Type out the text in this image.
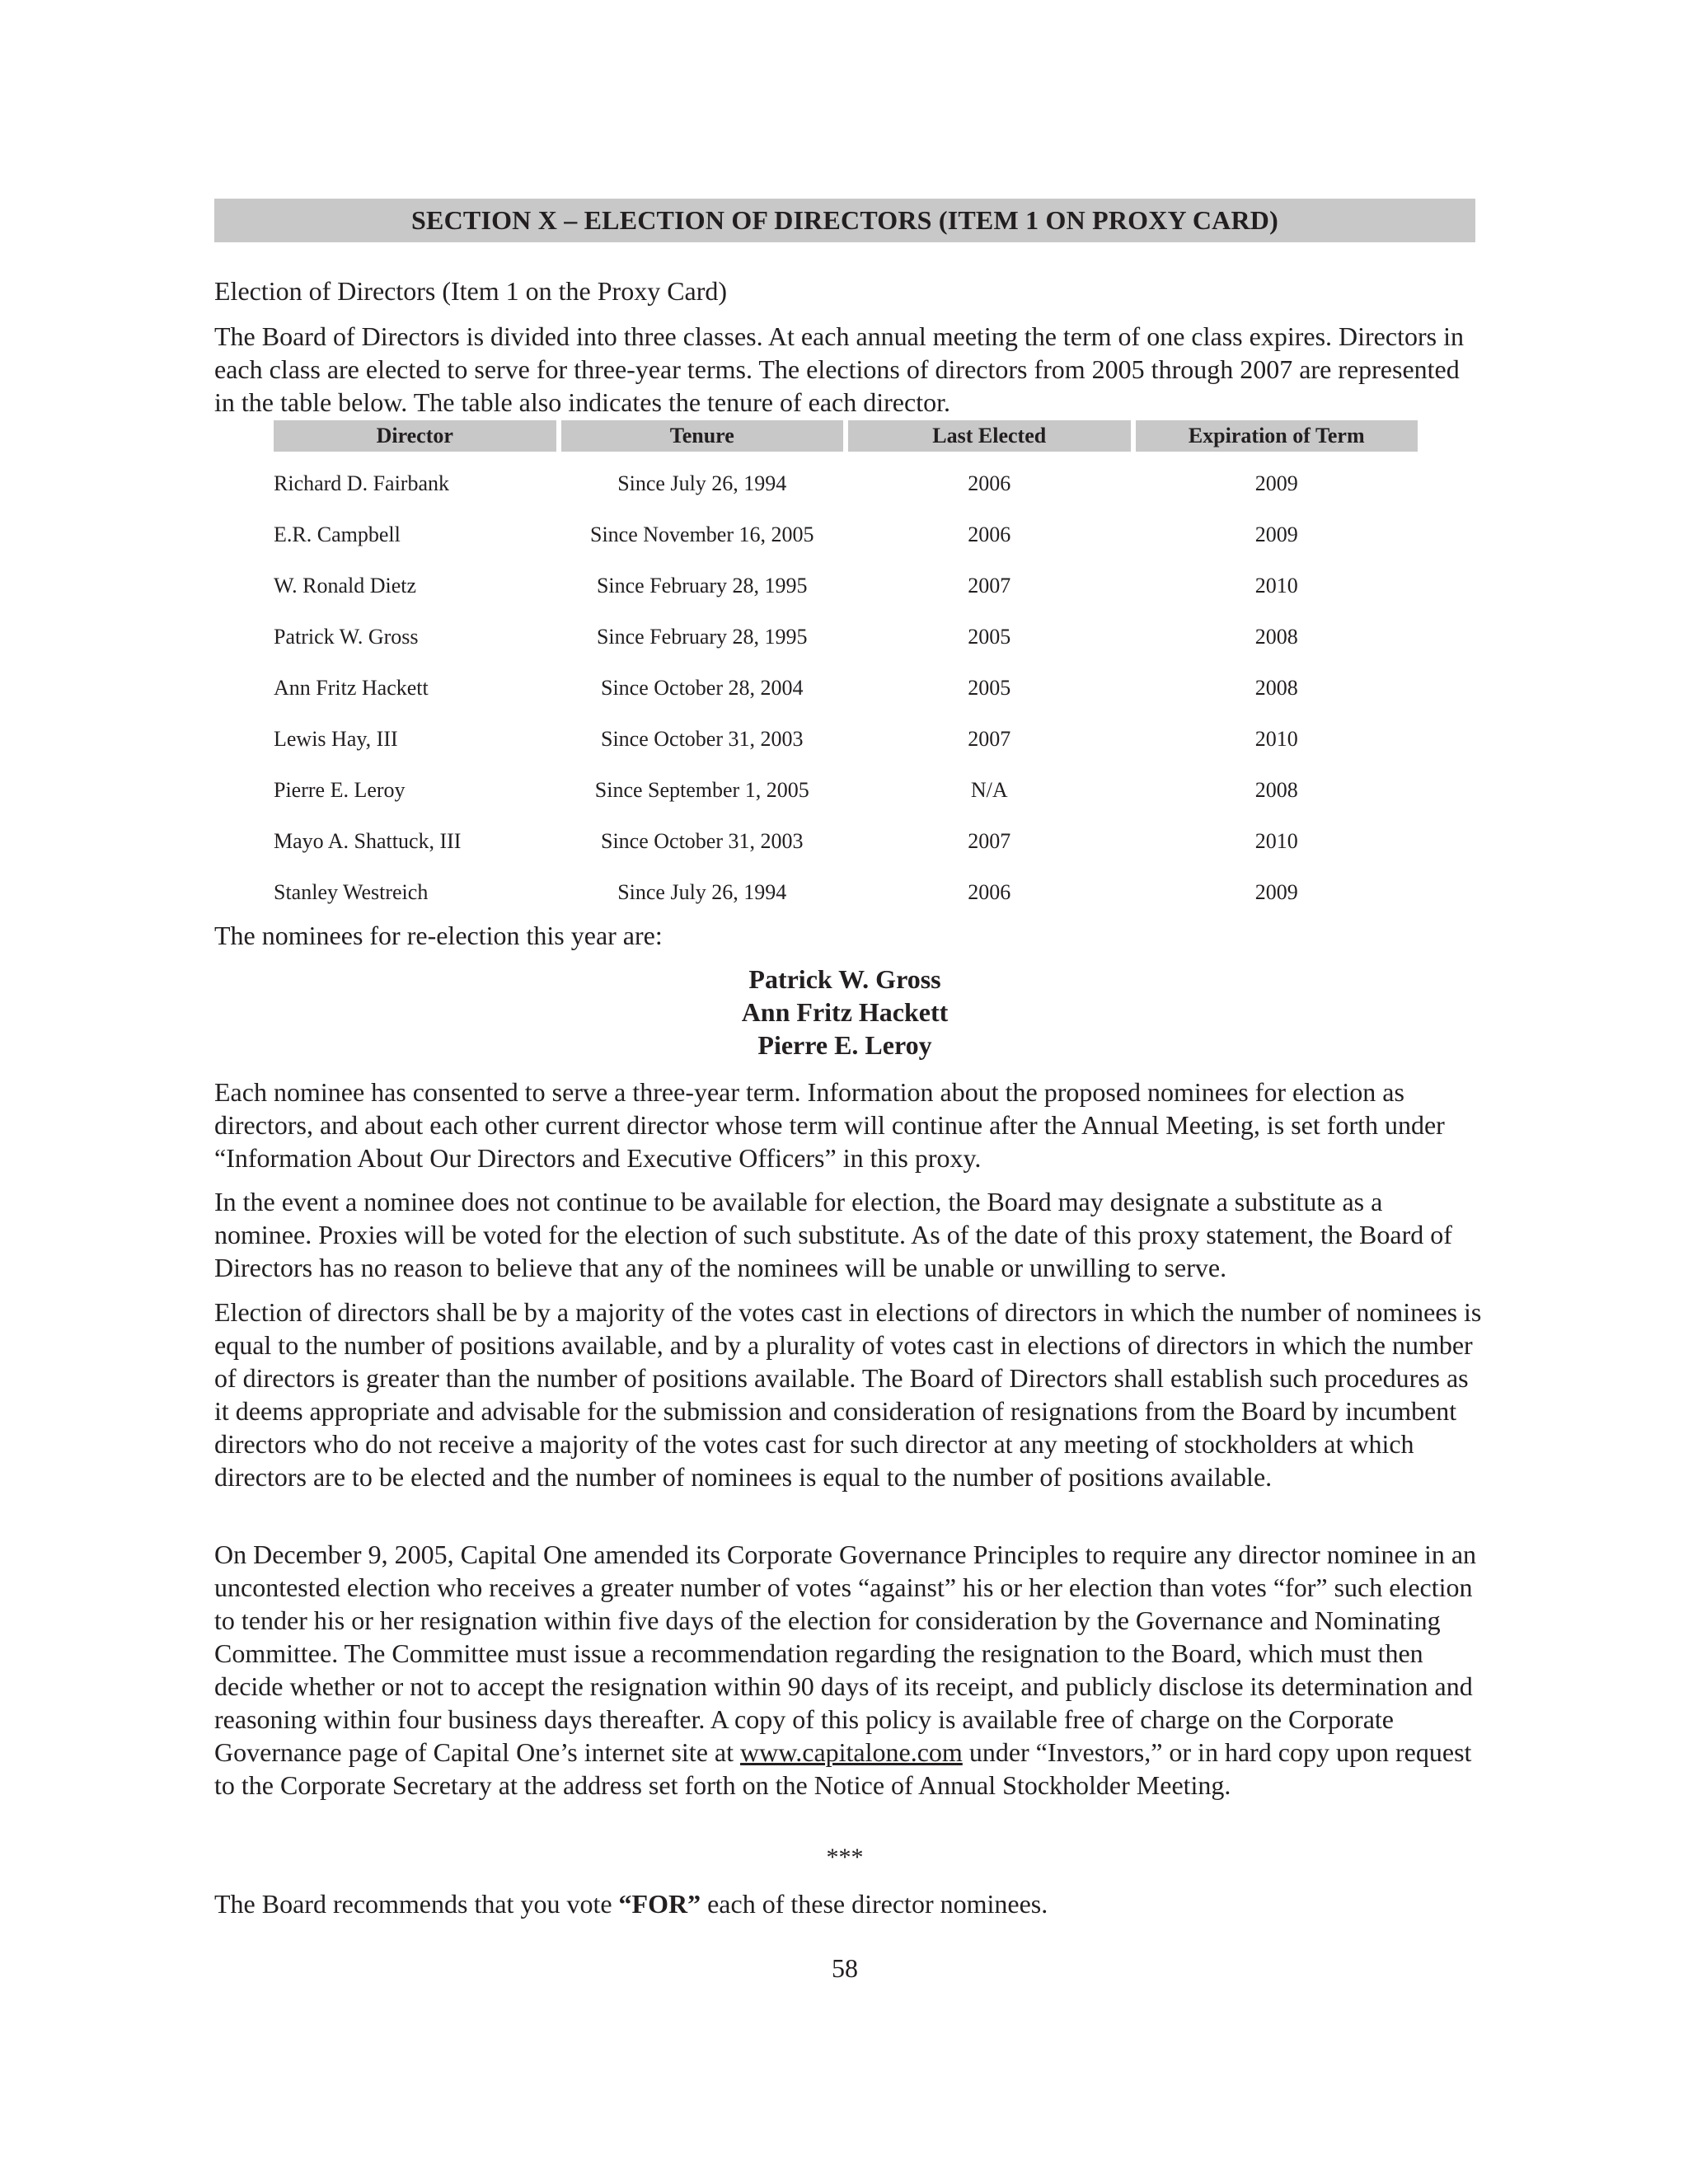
SECTION X – ELECTION OF DIRECTORS (ITEM 1 ON PROXY CARD)

Election of Directors (Item 1 on the Proxy Card)

The Board of Directors is divided into three classes. At each annual meeting the term of one class expires. Directors in each class are elected to serve for three-year terms. The elections of directors from 2005 through 2007 are represented in the table below. The table also indicates the tenure of each director.

Director	Tenure	Last Elected	Expiration of Term
Richard D. Fairbank	Since July 26, 1994	2006	2009
E.R. Campbell	Since November 16, 2005	2006	2009
W. Ronald Dietz	Since February 28, 1995	2007	2010
Patrick W. Gross	Since February 28, 1995	2005	2008
Ann Fritz Hackett	Since October 28, 2004	2005	2008
Lewis Hay, III	Since October 31, 2003	2007	2010
Pierre E. Leroy	Since September 1, 2005	N/A	2008
Mayo A. Shattuck, III	Since October 31, 2003	2007	2010
Stanley Westreich	Since July 26, 1994	2006	2009

The nominees for re-election this year are:

Patrick W. Gross
Ann Fritz Hackett
Pierre E. Leroy

Each nominee has consented to serve a three-year term. Information about the proposed nominees for election as directors, and about each other current director whose term will continue after the Annual Meeting, is set forth under “Information About Our Directors and Executive Officers” in this proxy.

In the event a nominee does not continue to be available for election, the Board may designate a substitute as a nominee. Proxies will be voted for the election of such substitute. As of the date of this proxy statement, the Board of Directors has no reason to believe that any of the nominees will be unable or unwilling to serve.

Election of directors shall be by a majority of the votes cast in elections of directors in which the number of nominees is equal to the number of positions available, and by a plurality of votes cast in elections of directors in which the number of directors is greater than the number of positions available. The Board of Directors shall establish such procedures as it deems appropriate and advisable for the submission and consideration of resignations from the Board by incumbent directors who do not receive a majority of the votes cast for such director at any meeting of stockholders at which directors are to be elected and the number of nominees is equal to the number of positions available.

On December 9, 2005, Capital One amended its Corporate Governance Principles to require any director nominee in an uncontested election who receives a greater number of votes “against” his or her election than votes “for” such election to tender his or her resignation within five days of the election for consideration by the Governance and Nominating Committee. The Committee must issue a recommendation regarding the resignation to the Board, which must then decide whether or not to accept the resignation within 90 days of its receipt, and publicly disclose its determination and reasoning within four business days thereafter. A copy of this policy is available free of charge on the Corporate Governance page of Capital One’s internet site at www.capitalone.com under “Investors,” or in hard copy upon request to the Corporate Secretary at the address set forth on the Notice of Annual Stockholder Meeting.

***

The Board recommends that you vote “FOR” each of these director nominees.

58
